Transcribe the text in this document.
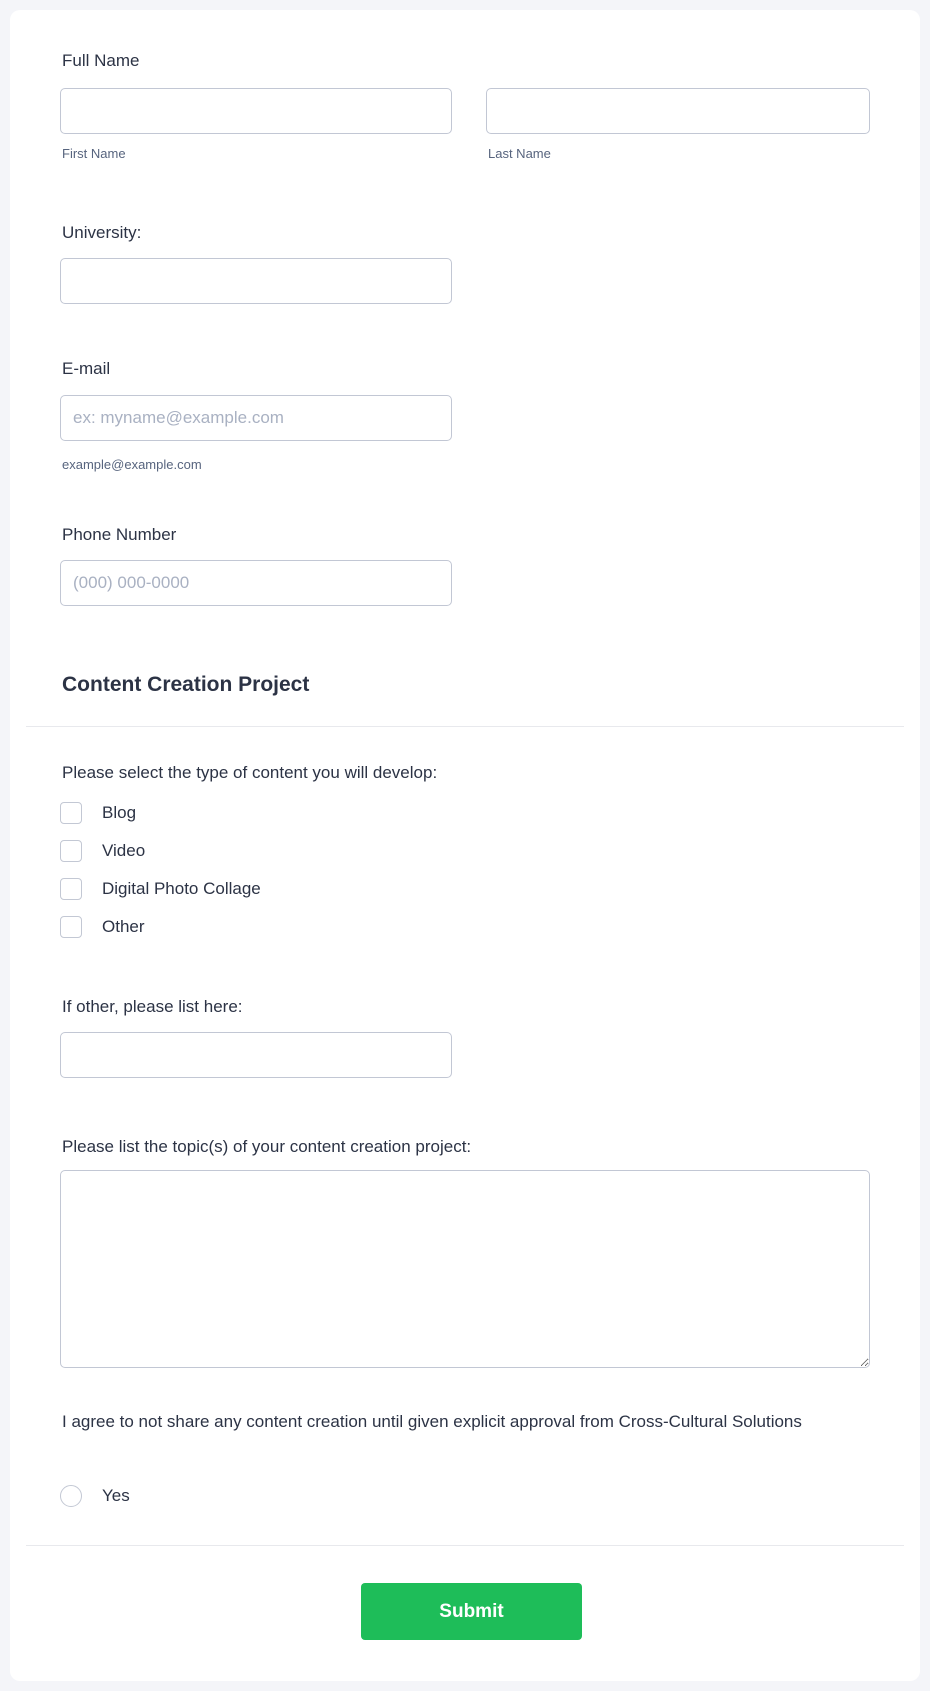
Full Name
First Name	Last Name
University:
E-mail
ex: myname@example.com
example@example.com
Phone Number
(000) 000-0000
Content Creation Project
Please select the type of content you will develop:
Blog
Video
Digital Photo Collage
Other
If other, please list here:
Please list the topic(s) of your content creation project:
I agree to not share any content creation until given explicit approval from Cross-Cultural Solutions
Yes
Submit
